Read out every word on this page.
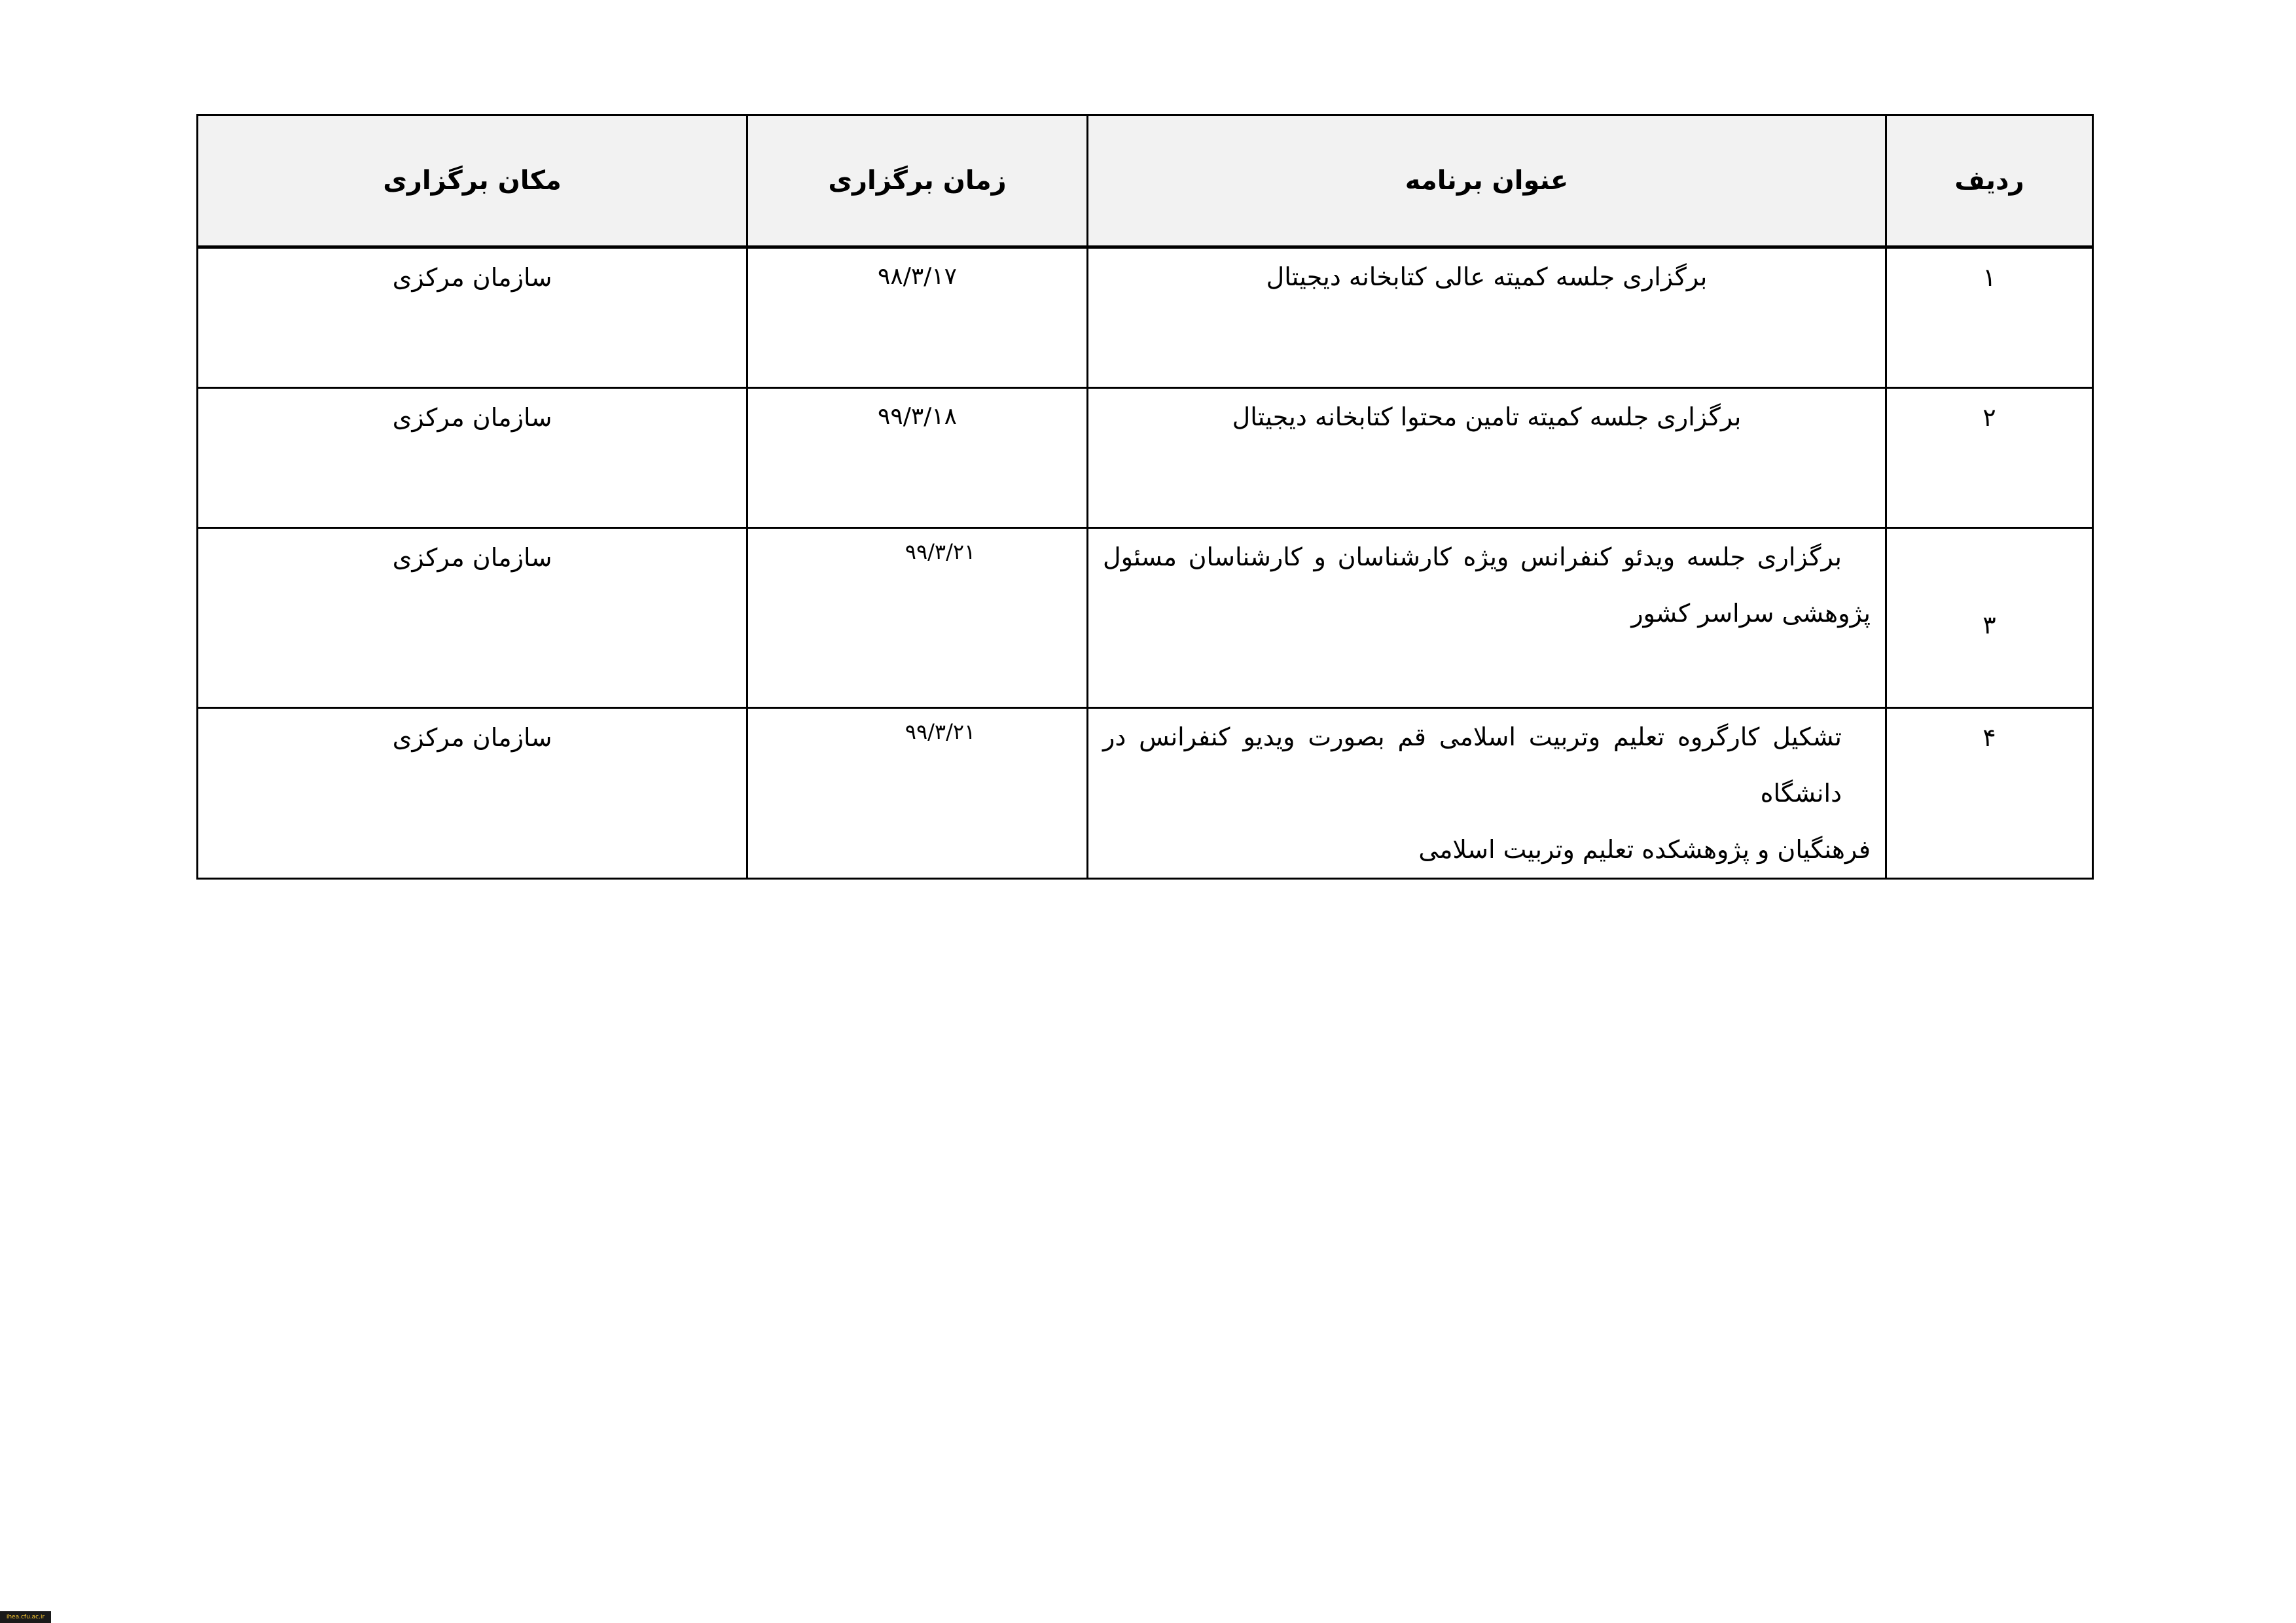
ردیف	عنوان برنامه	زمان برگزاری	مکان برگزاری
۱	برگزاری جلسه کمیته عالی کتابخانه دیجیتال	۹۸/۳/۱۷	سازمان مرکزی
۲	برگزاری جلسه کمیته تامین محتوا کتابخانه دیجیتال	۹۹/۳/۱۸	سازمان مرکزی
۳	برگزاری جلسه ویدئو کنفرانس ویژه کارشناسان و کارشناسان مسئول
پژوهشی سراسر کشور	۹۹/۳/۲۱	سازمان مرکزی
۴	تشکیل کارگروه تعلیم وتربیت اسلامی قم بصورت ویدیو کنفرانس در دانشگاه
فرهنگیان و پژوهشکده تعلیم وتربیت اسلامی	۹۹/۳/۲۱	سازمان مرکزی
ihea.cfu.ac.ir
